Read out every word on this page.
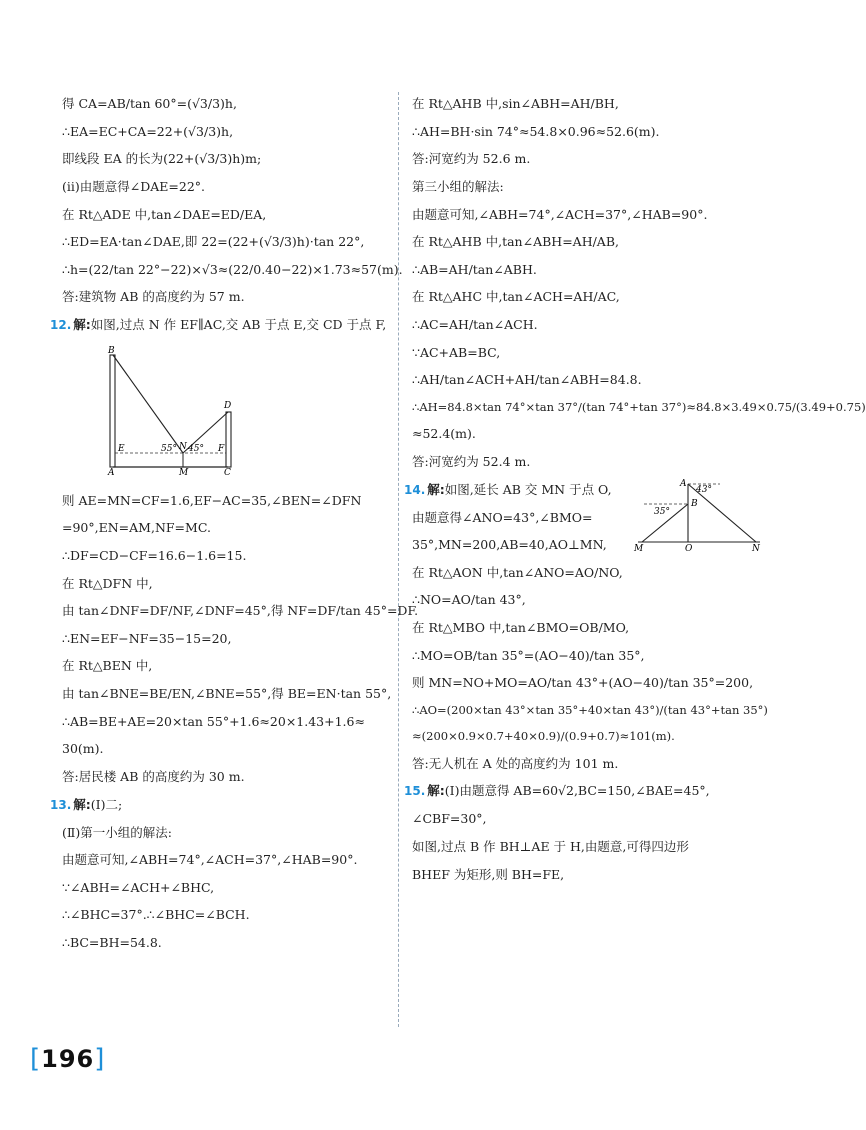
得 CA=AB/tan 60°=(√3/3)h,

∴EA=EC+CA=22+(√3/3)h,

即线段 EA 的长为(22+(√3/3)h)m;

(ⅱ)由题意得∠DAE=22°.

在 Rt△ADE 中,tan∠DAE=ED/EA,

∴ED=EA·tan∠DAE,即 22=(22+(√3/3)h)·tan 22°,

∴h=(22/tan 22°−22)×√3≈(22/0.40−22)×1.73≈57(m).

答:建筑物 AB 的高度约为 57 m.

12. 解:如图,过点 N 作 EF∥AC,交 AB 于点 E,交 CD 于点 F,

B
D
E	F
A	M	C
N
55° 45°

则 AE=MN=CF=1.6,EF−AC=35,∠BEN=∠DFN

=90°,EN=AM,NF=MC.

∴DF=CD−CF=16.6−1.6=15.

在 Rt△DFN 中,

由 tan∠DNF=DF/NF,∠DNF=45°,得 NF=DF/tan 45°=DF.

∴EN=EF−NF=35−15=20,

在 Rt△BEN 中,

由 tan∠BNE=BE/EN,∠BNE=55°,得 BE=EN·tan 55°,

∴AB=BE+AE=20×tan 55°+1.6≈20×1.43+1.6≈

30(m).

答:居民楼 AB 的高度约为 30 m.

13. 解:(Ⅰ)二;

(Ⅱ)第一小组的解法:

由题意可知,∠ABH=74°,∠ACH=37°,∠HAB=90°.

∵∠ABH=∠ACH+∠BHC,

∴∠BHC=37°.∴∠BHC=∠BCH.

∴BC=BH=54.8.

在 Rt△AHB 中,sin∠ABH=AH/BH,

∴AH=BH·sin 74°≈54.8×0.96≈52.6(m).

答:河宽约为 52.6 m.

第三小组的解法:

由题意可知,∠ABH=74°,∠ACH=37°,∠HAB=90°.

在 Rt△AHB 中,tan∠ABH=AH/AB,

∴AB=AH/tan∠ABH.

在 Rt△AHC 中,tan∠ACH=AH/AC,

∴AC=AH/tan∠ACH.

∵AC+AB=BC,

∴AH/tan∠ACH+AH/tan∠ABH=84.8.

∴AH=84.8×tan 74°×tan 37°/(tan 74°+tan 37°)≈84.8×3.49×0.75/(3.49+0.75)

≈52.4(m).

答:河宽约为 52.4 m.

14. 解:如图,延长 AB 交 MN 于点 O,

由题意得∠ANO=43°,∠BMO=

35°,MN=200,AB=40,AO⊥MN,

A
B
M	O	N
43°
35°

在 Rt△AON 中,tan∠ANO=AO/NO,

∴NO=AO/tan 43°,

在 Rt△MBO 中,tan∠BMO=OB/MO,

∴MO=OB/tan 35°=(AO−40)/tan 35°,

则 MN=NO+MO=AO/tan 43°+(AO−40)/tan 35°=200,

∴AO=(200×tan 43°×tan 35°+40×tan 43°)/(tan 43°+tan 35°)

≈(200×0.9×0.7+40×0.9)/(0.9+0.7)≈101(m).

答:无人机在 A 处的高度约为 101 m.

15. 解:(Ⅰ)由题意得 AB=60√2,BC=150,∠BAE=45°,

∠CBF=30°,

如图,过点 B 作 BH⊥AE 于 H,由题意,可得四边形

BHEF 为矩形,则 BH=FE,

[196]
